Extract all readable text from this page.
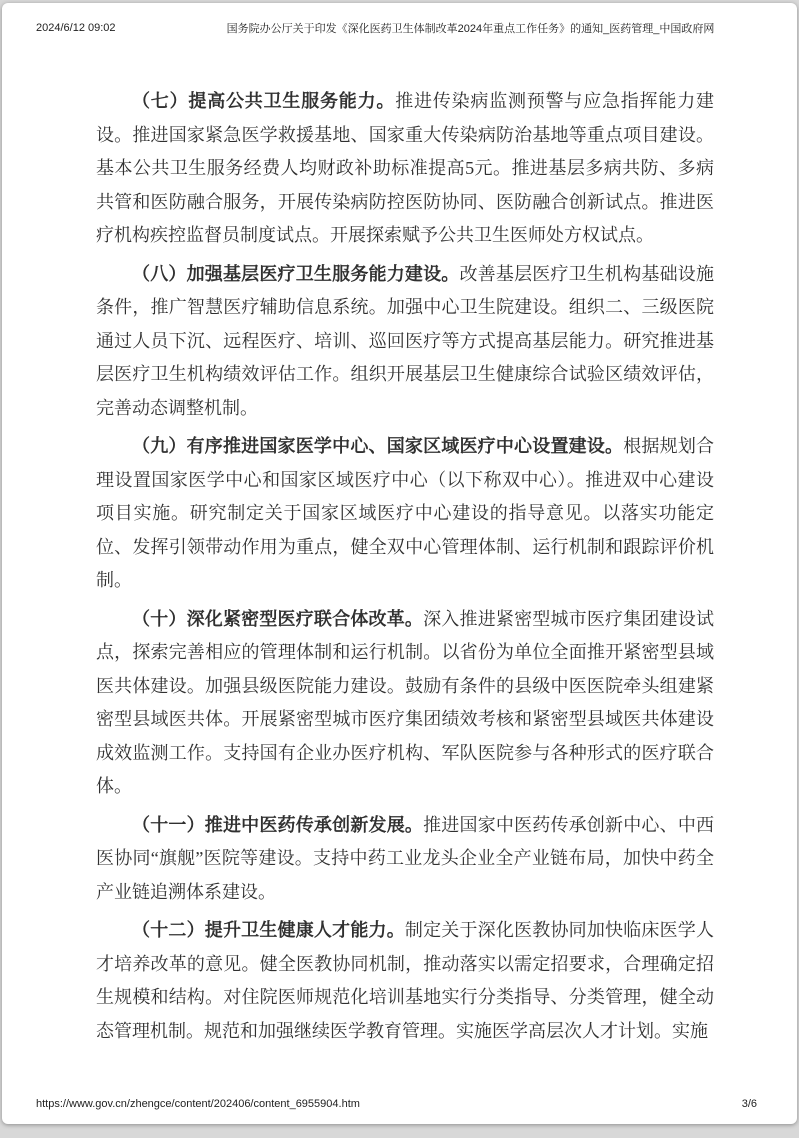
2024/6/12 09:02	国务院办公厅关于印发《深化医药卫生体制改革2024年重点工作任务》的通知_医药管理_中国政府网

（七）提高公共卫生服务能力。推进传染病监测预警与应急指挥能力建设。推进国家紧急医学救援基地、国家重大传染病防治基地等重点项目建设。基本公共卫生服务经费人均财政补助标准提高5元。推进基层多病共防、多病共管和医防融合服务，开展传染病防控医防协同、医防融合创新试点。推进医疗机构疾控监督员制度试点。开展探索赋予公共卫生医师处方权试点。

（八）加强基层医疗卫生服务能力建设。改善基层医疗卫生机构基础设施条件，推广智慧医疗辅助信息系统。加强中心卫生院建设。组织二、三级医院通过人员下沉、远程医疗、培训、巡回医疗等方式提高基层能力。研究推进基层医疗卫生机构绩效评估工作。组织开展基层卫生健康综合试验区绩效评估，完善动态调整机制。

（九）有序推进国家医学中心、国家区域医疗中心设置建设。根据规划合理设置国家医学中心和国家区域医疗中心（以下称双中心）。推进双中心建设项目实施。研究制定关于国家区域医疗中心建设的指导意见。以落实功能定位、发挥引领带动作用为重点，健全双中心管理体制、运行机制和跟踪评价机制。

（十）深化紧密型医疗联合体改革。深入推进紧密型城市医疗集团建设试点，探索完善相应的管理体制和运行机制。以省份为单位全面推开紧密型县域医共体建设。加强县级医院能力建设。鼓励有条件的县级中医医院牵头组建紧密型县域医共体。开展紧密型城市医疗集团绩效考核和紧密型县域医共体建设成效监测工作。支持国有企业办医疗机构、军队医院参与各种形式的医疗联合体。

（十一）推进中医药传承创新发展。推进国家中医药传承创新中心、中西医协同“旗舰”医院等建设。支持中药工业龙头企业全产业链布局，加快中药全产业链追溯体系建设。

（十二）提升卫生健康人才能力。制定关于深化医教协同加快临床医学人才培养改革的意见。健全医教协同机制，推动落实以需定招要求，合理确定招生规模和结构。对住院医师规范化培训基地实行分类指导、分类管理，健全动态管理机制。规范和加强继续医学教育管理。实施医学高层次人才计划。实施

https://www.gov.cn/zhengce/content/202406/content_6955904.htm	3/6
